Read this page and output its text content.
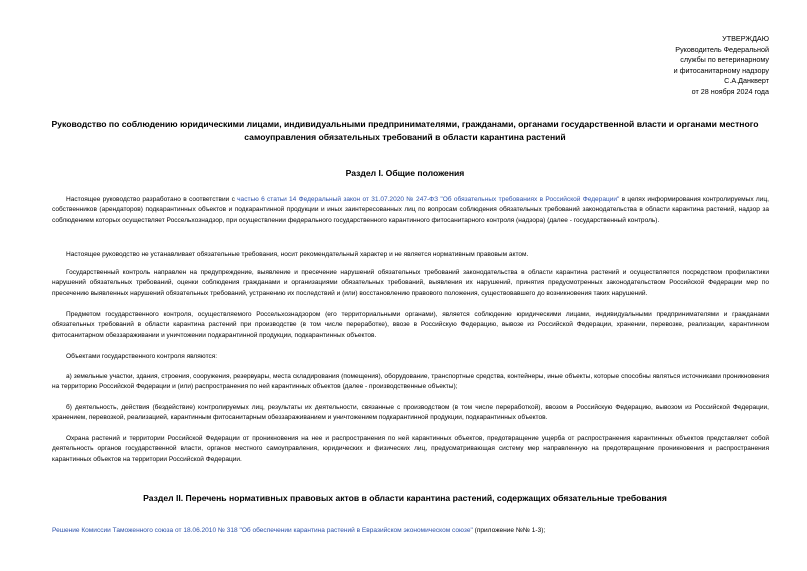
УТВЕРЖДАЮ
Руководитель Федеральной
службы по ветеринарному
и фитосанитарному надзору
С.А.Данкверт
от 28 ноября 2024 года
Руководство по соблюдению юридическими лицами, индивидуальными предпринимателями, гражданами, органами государственной власти и органами местного самоуправления обязательных требований в области карантина растений
Раздел I. Общие положения
Настоящее руководство разработано в соответствии с частью 6 статьи 14 Федеральный закон от 31.07.2020 № 247-ФЗ "Об обязательных требованиях в Российской Федерации" в целях информирования контролируемых лиц, собственников (арендаторов) подкарантинных объектов и подкарантинной продукции и иных заинтересованных лиц по вопросам соблюдения обязательных требований законодательства в области карантина растений, надзор за соблюдением которых осуществляет Россельхознадзор, при осуществлении федерального государственного карантинного фитосанитарного контроля (надзора) (далее - государственный контроль).
Настоящее руководство не устанавливает обязательные требования, носит рекомендательный характер и не является нормативным правовым актом.
Государственный контроль направлен на предупреждение, выявление и пресечение нарушений обязательных требований законодательства в области карантина растений и осуществляется посредством профилактики нарушений обязательных требований, оценки соблюдения гражданами и организациями обязательных требований, выявления их нарушений, принятия предусмотренных законодательством Российской Федерации мер по пресечению выявленных нарушений обязательных требований, устранению их последствий и (или) восстановлению правового положения, существовавшего до возникновения таких нарушений.
Предметом государственного контроля, осуществляемого Россельхознадзором (его территориальными органами), является соблюдение юридическими лицами, индивидуальными предпринимателями и гражданами обязательных требований в области карантина растений при производстве (в том числе переработке), ввозе в Российскую Федерацию, вывозе из Российской Федерации, хранении, перевозке, реализации, карантинном фитосанитарном обеззараживании и уничтожении подкарантинной продукции, подкарантинных объектов.
Объектами государственного контроля являются:
а) земельные участки, здания, строения, сооружения, резервуары, места складирования (помещения), оборудование, транспортные средства, контейнеры, иные объекты, которые способны являться источниками проникновения на территорию Российской Федерации и (или) распространения по ней карантинных объектов (далее - производственные объекты);
б) деятельность, действия (бездействие) контролируемых лиц, результаты их деятельности, связанные с производством (в том числе переработкой), ввозом в Российскую Федерацию, вывозом из Российской Федерации, хранением, перевозкой, реализацией, карантинным фитосанитарным обеззараживанием и уничтожением подкарантинной продукции, подкарантинных объектов.
Охрана растений и территории Российской Федерации от проникновения на нее и распространения по ней карантинных объектов, предотвращение ущерба от распространения карантинных объектов представляет собой деятельность органов государственной власти, органов местного самоуправления, юридических и физических лиц, предусматривающая систему мер направленную на предотвращение проникновения и распространения карантинных объектов на территории Российской Федерации.
Раздел II. Перечень нормативных правовых актов в области карантина растений, содержащих обязательные требования
Решение Комиссии Таможенного союза от 18.06.2010 № 318 "Об обеспечении карантина растений в Евразийском экономическом союзе" (приложение №№ 1-3);
